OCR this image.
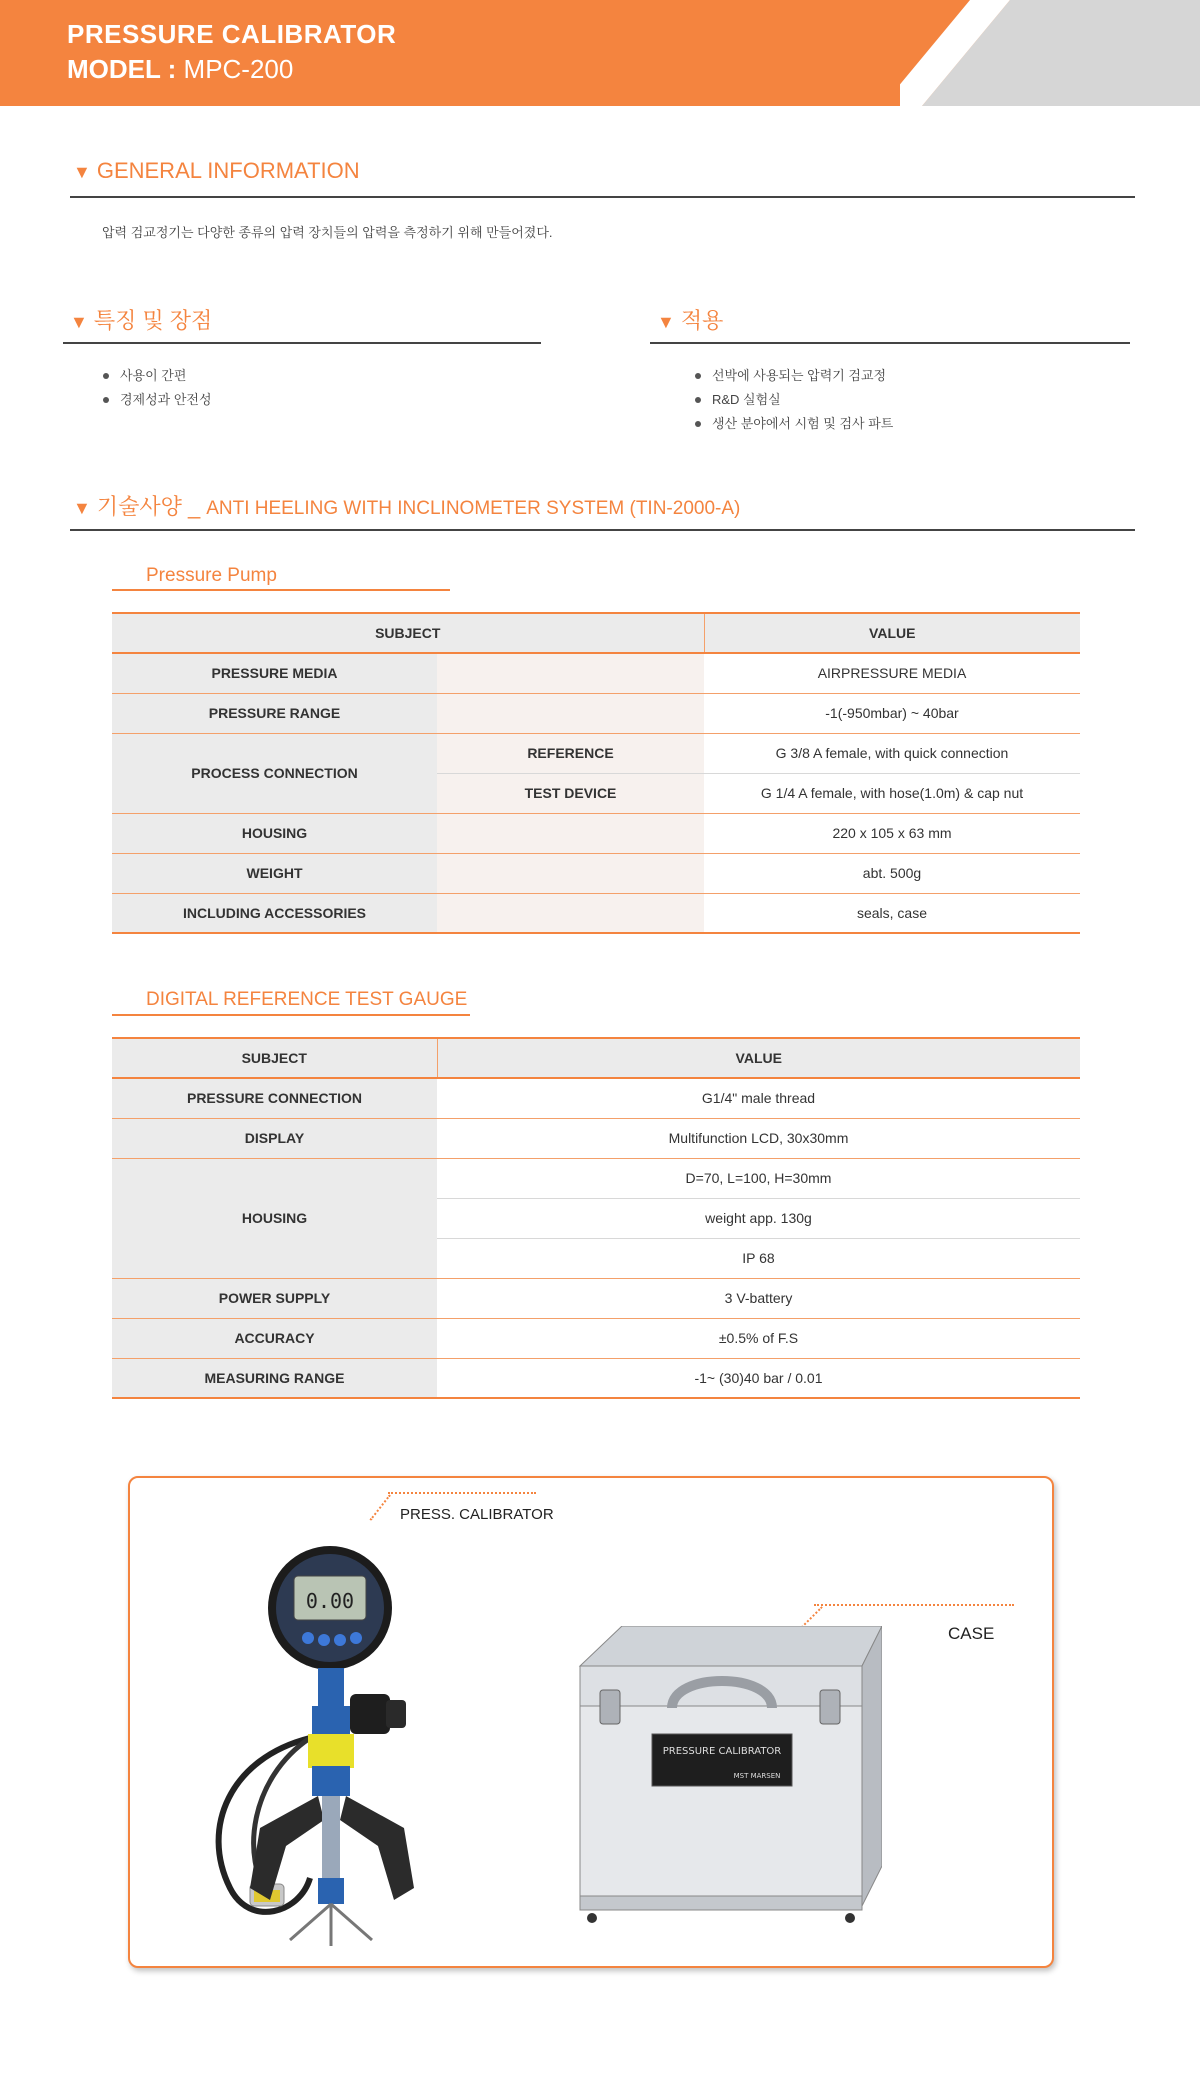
PRESSURE CALIBRATOR
MODEL : MPC-200
▼ GENERAL INFORMATION
압력 검교정기는 다양한 종류의 압력 장치들의 압력을 측정하기 위해 만들어졌다.
▼ 특징 및 장점
사용이 간편
경제성과 안전성
▼ 적용
선박에 사용되는 압력기 검교정
R&D 실험실
생산 분야에서 시험 및 검사 파트
▼ 기술사양 _ ANTI HEELING WITH INCLINOMETER SYSTEM (TIN-2000-A)
Pressure Pump
SUBJECT		VALUE
PRESSURE MEDIA		AIRPRESSURE MEDIA
PRESSURE RANGE		-1(-950mbar) ~ 40bar
PROCESS CONNECTION	REFERENCE	G 3/8 A female, with quick connection
	TEST DEVICE	G 1/4 A female, with hose(1.0m) & cap nut
HOUSING		220 x 105 x 63 mm
WEIGHT		abt. 500g
INCLUDING ACCESSORIES		seals, case
DIGITAL REFERENCE TEST GAUGE
SUBJECT	VALUE
PRESSURE CONNECTION	G1/4" male thread
DISPLAY	Multifunction LCD, 30x30mm
HOUSING	D=70, L=100, H=30mm
	weight app. 130g
	IP 68
POWER SUPPLY	3 V-battery
ACCURACY	±0.5% of F.S
MEASURING RANGE	-1~ (30)40 bar / 0.01
PRESS. CALIBRATOR
CASE
0.00
PRESSURE CALIBRATOR
MST MARSEN
